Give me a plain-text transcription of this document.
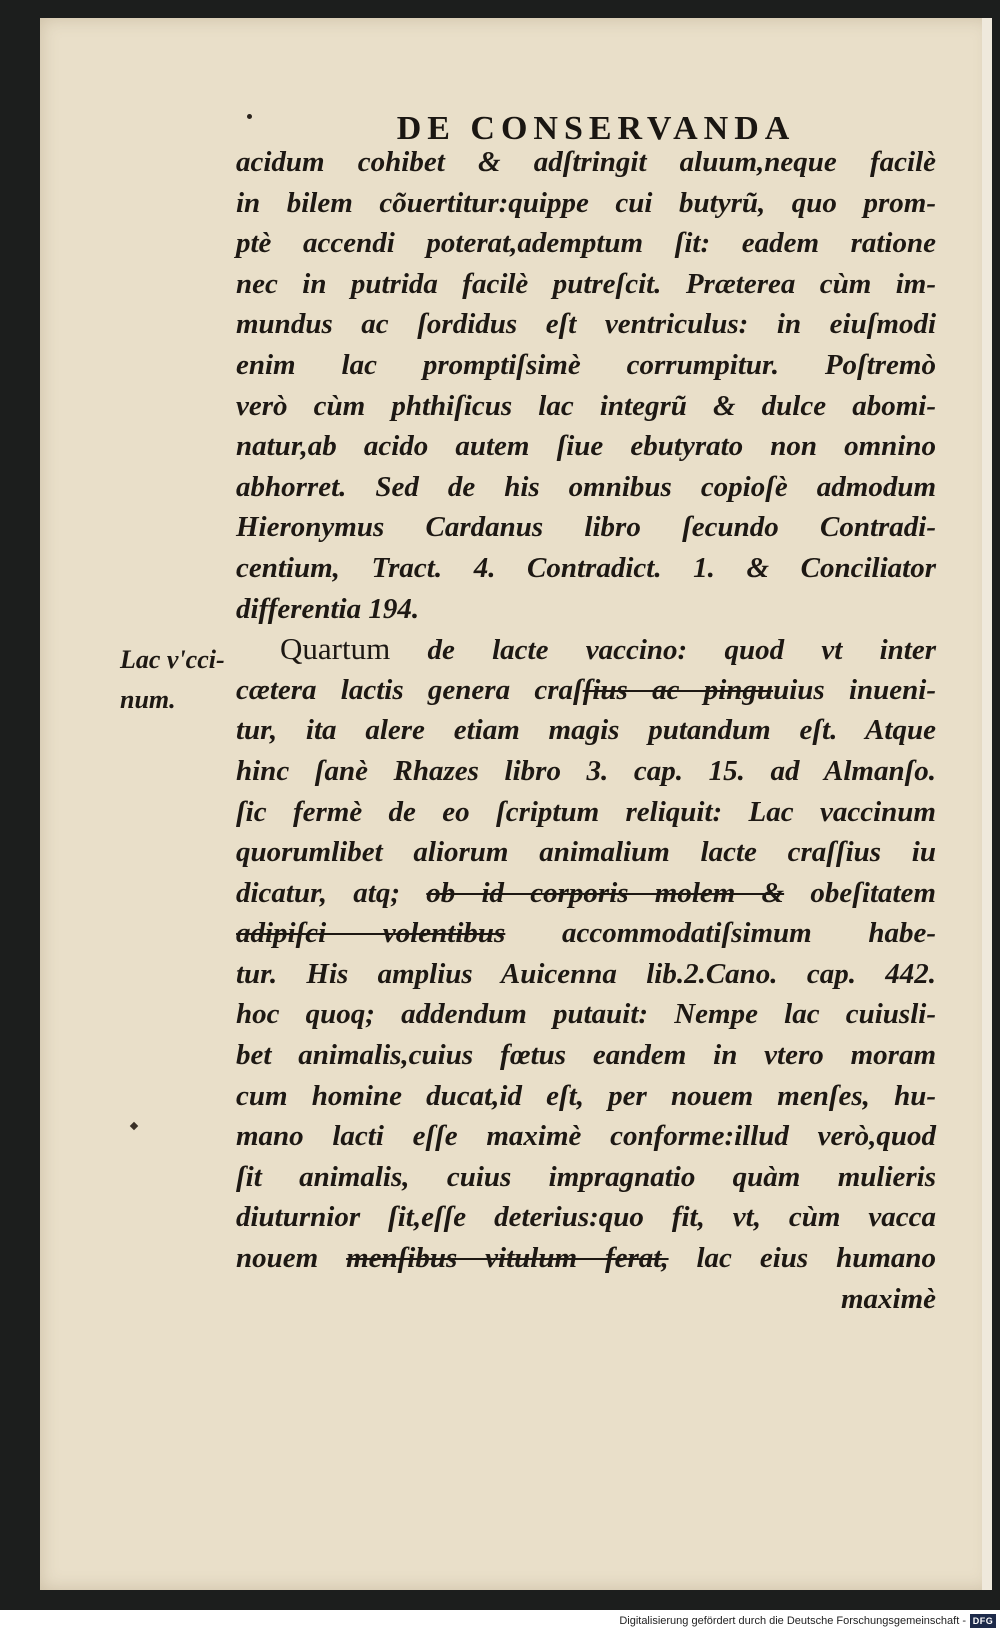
DE CONSERVANDA
acidum cohibet & adſtringit aluum,neque facilè
in bilem cõuertitur:quippe cui butyrũ, quo prom-
ptè accendi poterat,ademptum ſit: eadem ratione
nec in putrida facilè putreſcit. Præterea cùm im-
mundus ac ſordidus eſt ventriculus: in eiuſmodi
enim lac promptiſsimè corrumpitur. Poſtremò
verò cùm phthiſicus lac integrũ & dulce abomi-
natur,ab acido autem ſiue ebutyrato non omnino
abhorret. Sed de his omnibus copioſè admodum
Hieronymus Cardanus libro ſecundo Contradi-
centium, Tract. 4. Contradict. 1. & Conciliator
differentia 194.
Quartum de lacte vaccino: quod vt inter
cætera lactis genera craſſius ac pinguuius inueni-
tur, ita alere etiam magis putandum eſt. Atque
hinc ſanè Rhazes libro 3. cap. 15. ad Almanſo.
ſic fermè de eo ſcriptum reliquit: Lac vaccinum
quorumlibet aliorum animalium lacte craſſius iu
dicatur, atq; ob id corporis molem & obeſitatem
adipiſci volentibus accommodatiſsimum habe-
tur. His amplius Auicenna lib.2.Cano. cap. 442.
hoc quoq; addendum putauit: Nempe lac cuiusli-
bet animalis,cuius fœtus eandem in vtero moram
cum homine ducat,id eſt, per nouem menſes, hu-
mano lacti eſſe maximè conforme:illud verò,quod
ſit animalis, cuius impragnatio quàm mulieris
diuturnior ſit,eſſe deterius:quo fit, vt, cùm vacca
nouem menſibus vitulum ferat, lac eius humano
maximè
Lac v'cci-
num.
Digitalisierung gefördert durch die Deutsche Forschungsgemeinschaft - DFG
